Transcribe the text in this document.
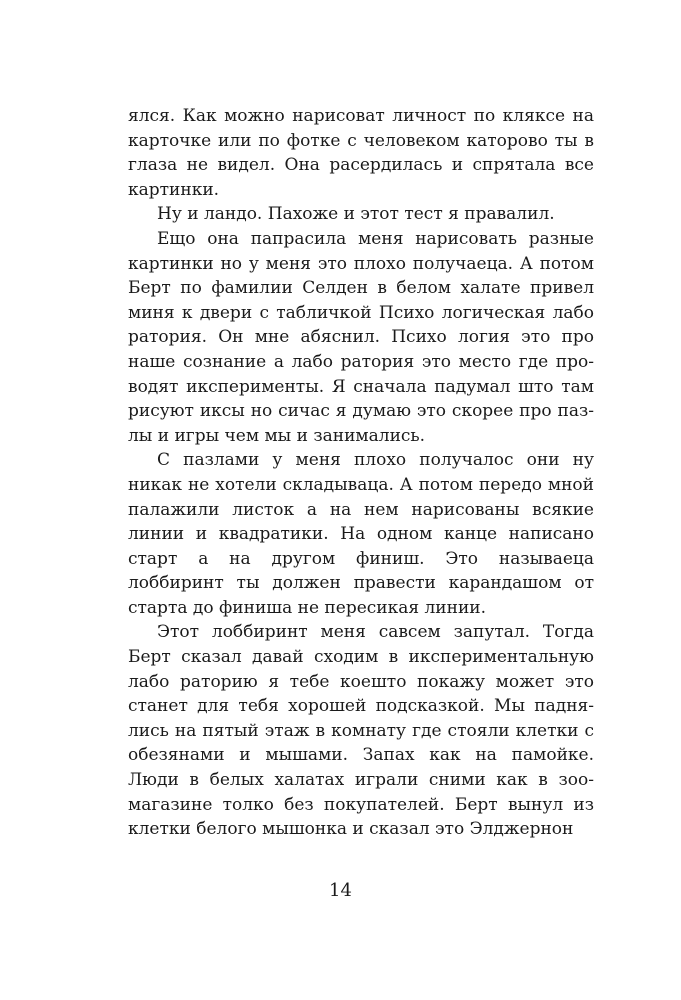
ялся. Как можно нарисоват личност по кляксе на карточке или по фотке с человеком каторово ты в глаза не видел. Она расердилась и спрятала все картинки.

Ну и ландо. Пахоже и этот тест я правалил.

Ещо она папрасила меня нарисовать разные картинки но у меня это плохо получаеца. А потом Берт по фамилии Селден в белом халате привел миня к двери с табличкой Психо логическая лабо ратория. Он мне абяснил. Психо логия это про наше сознание а лабо ратория это место где проводят иксперименты. Я сначала падумал што там рисуют иксы но сичас я думаю это скорее про пазлы и игры чем мы и занимались.

С пазлами у меня плохо получалос они ну никак не хотели складываца. А потом передо мной палажили листок а на нем нарисованы всякие линии и квадратики. На одном канце написано старт а на другом финиш. Это называеца лоббиринт ты должен правести карандашом от старта до финиша не пересикая линии.

Этот лоббиринт меня савсем запутал. Тогда Берт сказал давай сходим в икспериментальную лабо раторию я тебе коешто покажу может это станет для тебя хорошей подсказкой. Мы паднялись на пятый этаж в комнату где стояли клетки с обезянами и мышами. Запах как на памойке. Люди в белых халатах играли сними как в зоомагазине толко без покупателей. Берт вынул из клетки белого мышонка и сказал это Элджернон

14
